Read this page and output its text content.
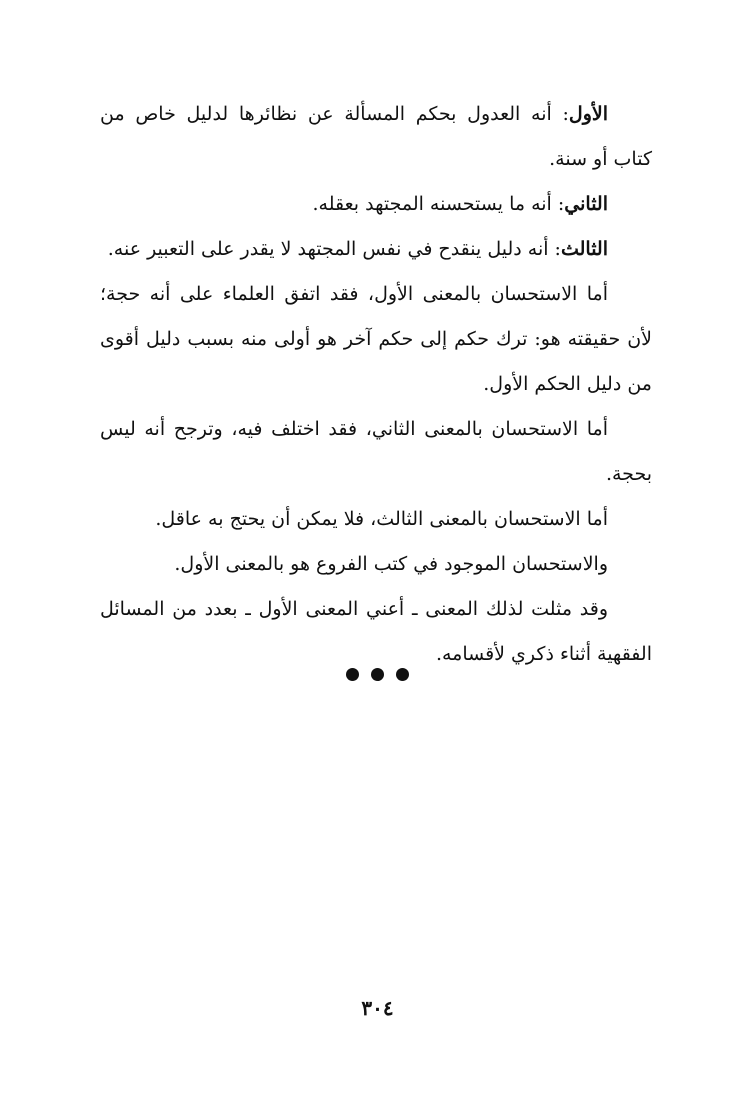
الأول: أنه العدول بحكم المسألة عن نظائرها لدليل خاص من كتاب أو سنة.

الثاني: أنه ما يستحسنه المجتهد بعقله.

الثالث: أنه دليل ينقدح في نفس المجتهد لا يقدر على التعبير عنه.

أما الاستحسان بالمعنى الأول، فقد اتفق العلماء على أنه حجة؛ لأن حقيقته هو: ترك حكم إلى حكم آخر هو أولى منه بسبب دليل أقوى من دليل الحكم الأول.

أما الاستحسان بالمعنى الثاني، فقد اختلف فيه، وترجح أنه ليس بحجة.

أما الاستحسان بالمعنى الثالث، فلا يمكن أن يحتج به عاقل.

والاستحسان الموجود في كتب الفروع هو بالمعنى الأول.

وقد مثلت لذلك المعنى ـ أعني المعنى الأول ـ بعدد من المسائل الفقهية أثناء ذكري لأقسامه.

٣٠٤
